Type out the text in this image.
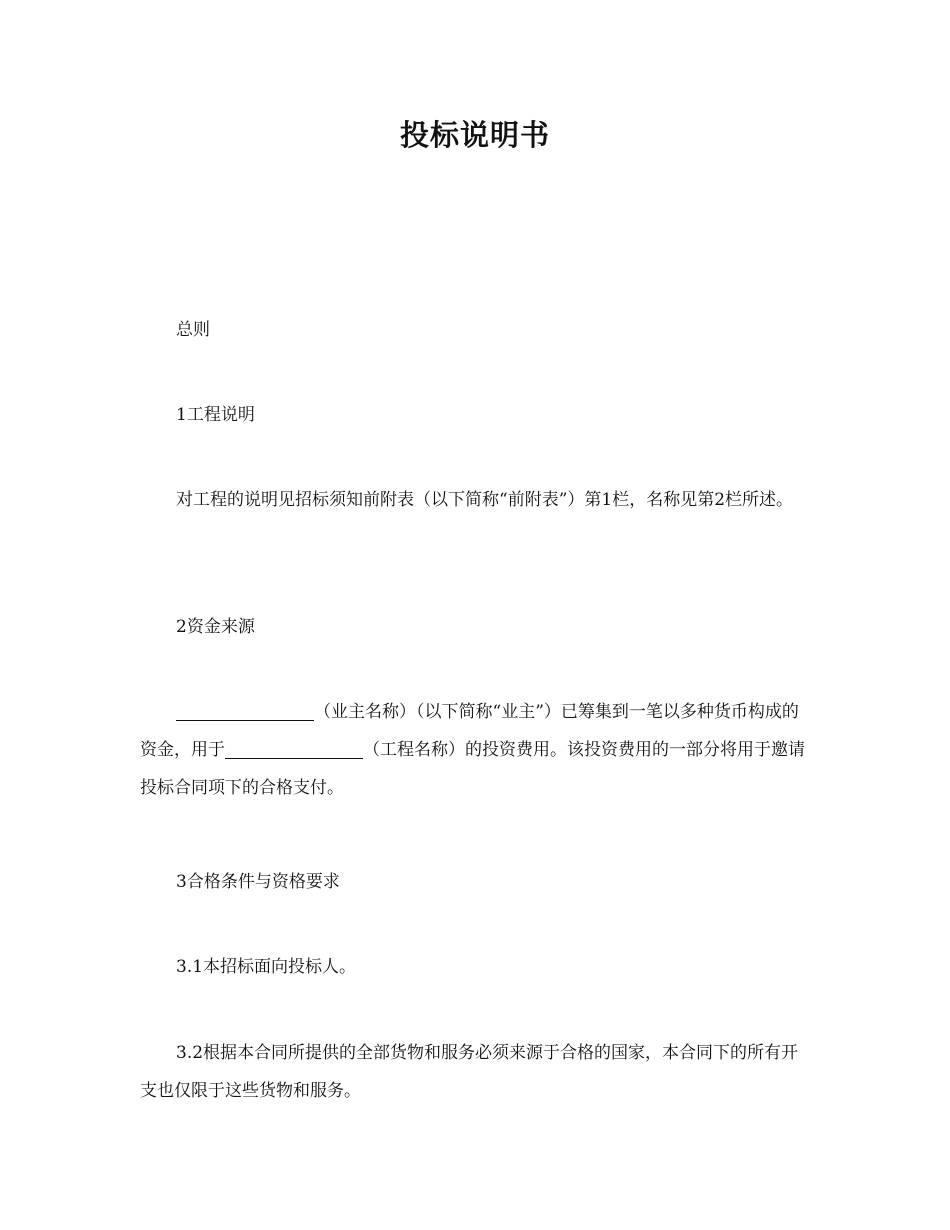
投标说明书

总则

1工程说明

对工程的说明见招标须知前附表（以下简称“前附表”）第1栏，名称见第2栏所述。

2资金来源

（业主名称）（以下简称“业主”）已筹集到一笔以多种货币构成的资金，用于	（工程名称）的投资费用。该投资费用的一部分将用于邀请投标合同项下的合格支付。

3合格条件与资格要求

3.1本招标面向投标人。

3.2根据本合同所提供的全部货物和服务必须来源于合格的国家，本合同下的所有开支也仅限于这些货物和服务。
